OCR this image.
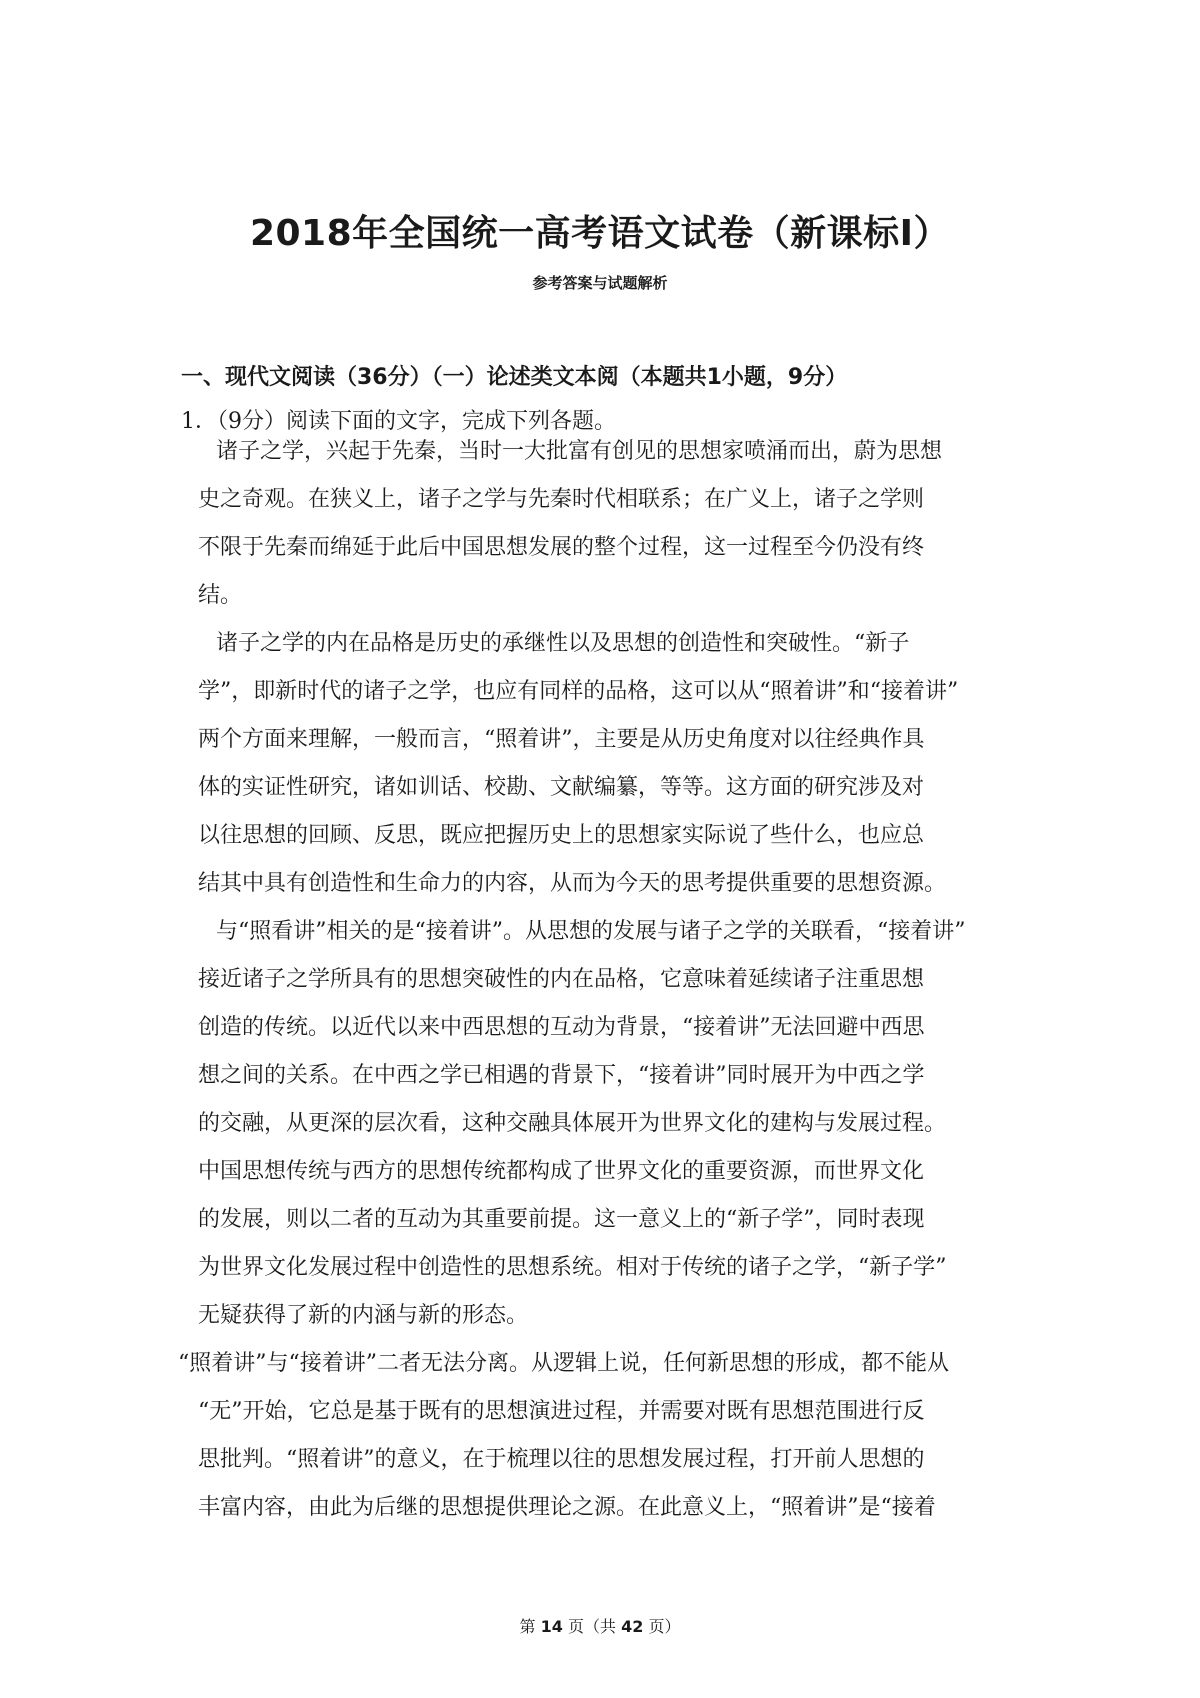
2018年全国统一高考语文试卷（新课标Ⅰ）
参考答案与试题解析
一、现代文阅读（36分）（一）论述类文本阅（本题共1小题，9分）
1．（9分）阅读下面的文字，完成下列各题。
诸子之学，兴起于先秦，当时一大批富有创见的思想家喷涌而出，蔚为思想
史之奇观。在狭义上，诸子之学与先秦时代相联系；在广义上，诸子之学则
不限于先秦而绵延于此后中国思想发展的整个过程，这一过程至今仍没有终
结。
诸子之学的内在品格是历史的承继性以及思想的创造性和突破性。“新子
学”，即新时代的诸子之学，也应有同样的品格，这可以从“照着讲”和“接着讲”
两个方面来理解，一般而言，“照着讲”，主要是从历史角度对以往经典作具
体的实证性研究，诸如训话、校勘、文献编纂，等等。这方面的研究涉及对
以往思想的回顾、反思，既应把握历史上的思想家实际说了些什么，也应总
结其中具有创造性和生命力的内容，从而为今天的思考提供重要的思想资源。
与“照看讲”相关的是“接着讲”。从思想的发展与诸子之学的关联看，“接着讲”
接近诸子之学所具有的思想突破性的内在品格，它意味着延续诸子注重思想
创造的传统。以近代以来中西思想的互动为背景，“接着讲”无法回避中西思
想之间的关系。在中西之学已相遇的背景下，“接着讲”同时展开为中西之学
的交融，从更深的层次看，这种交融具体展开为世界文化的建构与发展过程。
中国思想传统与西方的思想传统都构成了世界文化的重要资源，而世界文化
的发展，则以二者的互动为其重要前提。这一意义上的“新子学”，同时表现
为世界文化发展过程中创造性的思想系统。相对于传统的诸子之学，“新子学”
无疑获得了新的内涵与新的形态。
“照着讲”与“接着讲”二者无法分离。从逻辑上说，任何新思想的形成，都不能从
“无”开始，它总是基于既有的思想演进过程，并需要对既有思想范围进行反
思批判。“照着讲”的意义，在于梳理以往的思想发展过程，打开前人思想的
丰富内容，由此为后继的思想提供理论之源。在此意义上，“照着讲”是“接着
第 14 页（共 42 页）
